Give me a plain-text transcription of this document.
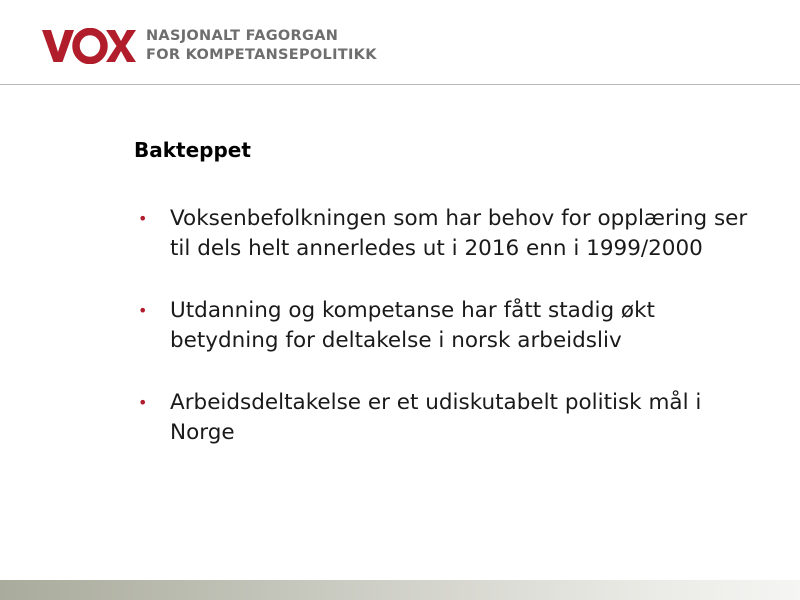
NASJONALT FAGORGAN
FOR KOMPETANSEPOLITIKK
Bakteppet
• Voksenbefolkningen som har behov for opplæring ser til dels helt annerledes ut i 2016 enn i 1999/2000
• Utdanning og kompetanse har fått stadig økt betydning for deltakelse i norsk arbeidsliv
• Arbeidsdeltakelse er et udiskutabelt politisk mål i Norge
